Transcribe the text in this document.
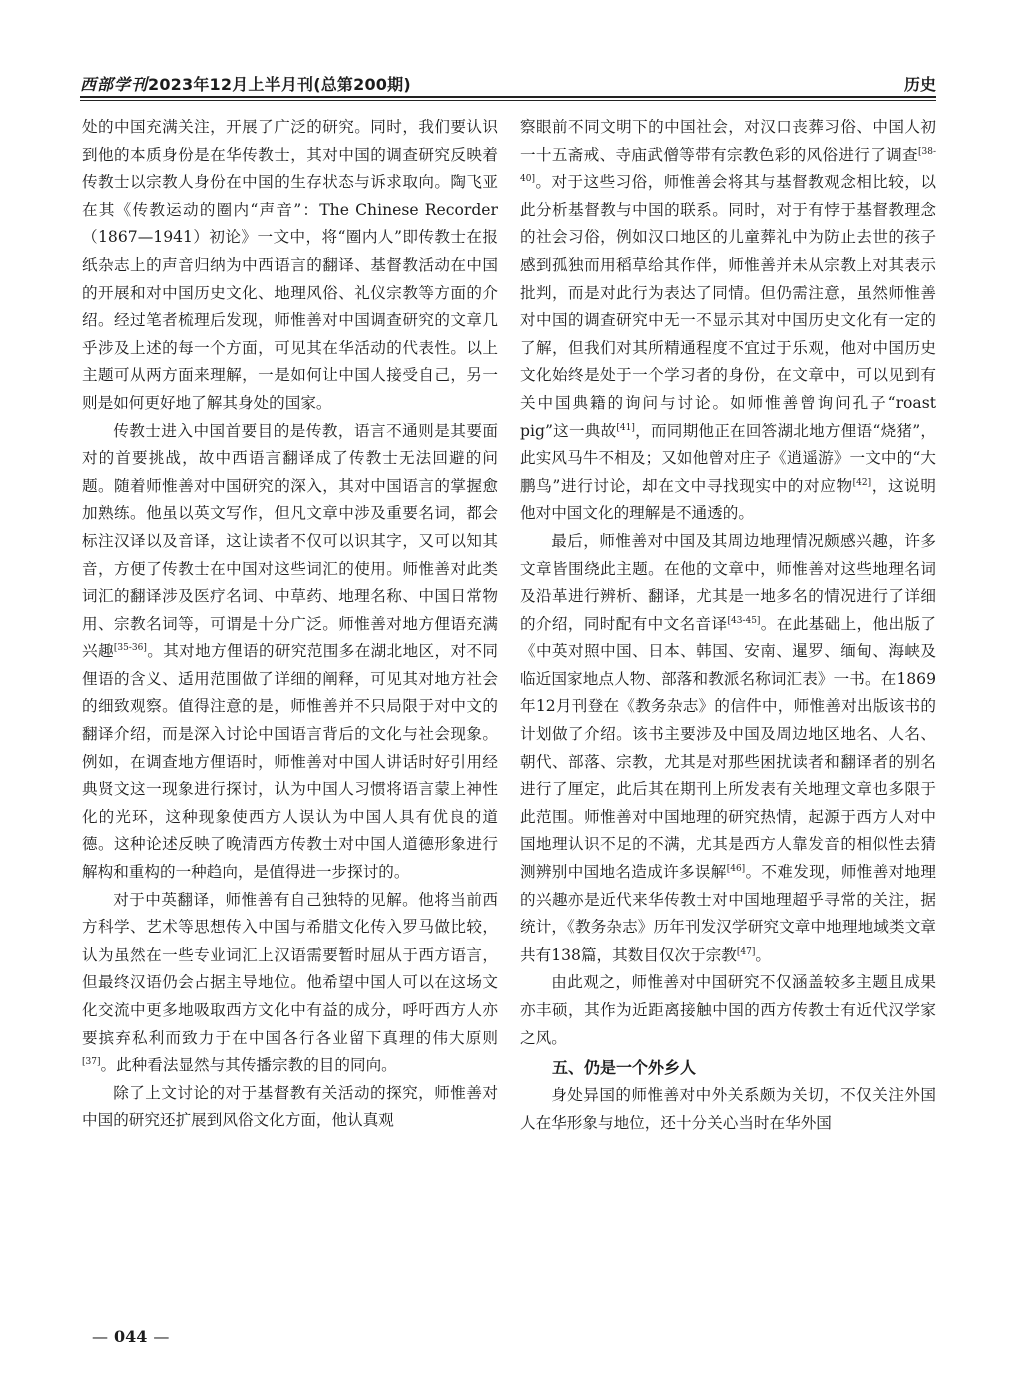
西部学刊2023年12月上半月刊(总第200期)	历史

处的中国充满关注，开展了广泛的研究。同时，我们要认识到他的本质身份是在华传教士，其对中国的调查研究反映着传教士以宗教人身份在中国的生存状态与诉求取向。陶飞亚在其《传教运动的圈内“声音”：The Chinese Recorder（1867—1941）初论》一文中，将“圈内人”即传教士在报纸杂志上的声音归纳为中西语言的翻译、基督教活动在中国的开展和对中国历史文化、地理风俗、礼仪宗教等方面的介绍。经过笔者梳理后发现，师惟善对中国调查研究的文章几乎涉及上述的每一个方面，可见其在华活动的代表性。以上主题可从两方面来理解，一是如何让中国人接受自己，另一则是如何更好地了解其身处的国家。

传教士进入中国首要目的是传教，语言不通则是其要面对的首要挑战，故中西语言翻译成了传教士无法回避的问题。随着师惟善对中国研究的深入，其对中国语言的掌握愈加熟练。他虽以英文写作，但凡文章中涉及重要名词，都会标注汉译以及音译，这让读者不仅可以识其字，又可以知其音，方便了传教士在中国对这些词汇的使用。师惟善对此类词汇的翻译涉及医疗名词、中草药、地理名称、中国日常物用、宗教名词等，可谓是十分广泛。师惟善对地方俚语充满兴趣[35-36]。其对地方俚语的研究范围多在湖北地区，对不同俚语的含义、适用范围做了详细的阐释，可见其对地方社会的细致观察。值得注意的是，师惟善并不只局限于对中文的翻译介绍，而是深入讨论中国语言背后的文化与社会现象。例如，在调查地方俚语时，师惟善对中国人讲话时好引用经典贤文这一现象进行探讨，认为中国人习惯将语言蒙上神性化的光环，这种现象使西方人误认为中国人具有优良的道德。这种论述反映了晚清西方传教士对中国人道德形象进行解构和重构的一种趋向，是值得进一步探讨的。

对于中英翻译，师惟善有自己独特的见解。他将当前西方科学、艺术等思想传入中国与希腊文化传入罗马做比较，认为虽然在一些专业词汇上汉语需要暂时屈从于西方语言，但最终汉语仍会占据主导地位。他希望中国人可以在这场文化交流中更多地吸取西方文化中有益的成分，呼吁西方人亦要摈弃私利而致力于在中国各行各业留下真理的伟大原则[37]。此种看法显然与其传播宗教的目的同向。

除了上文讨论的对于基督教有关活动的探究，师惟善对中国的研究还扩展到风俗文化方面，他认真观

察眼前不同文明下的中国社会，对汉口丧葬习俗、中国人初一十五斋戒、寺庙武僧等带有宗教色彩的风俗进行了调查[38-40]。对于这些习俗，师惟善会将其与基督教观念相比较，以此分析基督教与中国的联系。同时，对于有悖于基督教理念的社会习俗，例如汉口地区的儿童葬礼中为防止去世的孩子感到孤独而用稻草给其作伴，师惟善并未从宗教上对其表示批判，而是对此行为表达了同情。但仍需注意，虽然师惟善对中国的调查研究中无一不显示其对中国历史文化有一定的了解，但我们对其所精通程度不宜过于乐观，他对中国历史文化始终是处于一个学习者的身份，在文章中，可以见到有关中国典籍的询问与讨论。如师惟善曾询问孔子“roast pig”这一典故[41]，而同期他正在回答湖北地方俚语“烧猪”，此实风马牛不相及；又如他曾对庄子《逍遥游》一文中的“大鹏鸟”进行讨论，却在文中寻找现实中的对应物[42]，这说明他对中国文化的理解是不通透的。

最后，师惟善对中国及其周边地理情况颇感兴趣，许多文章皆围绕此主题。在他的文章中，师惟善对这些地理名词及沿革进行辨析、翻译，尤其是一地多名的情况进行了详细的介绍，同时配有中文名音译[43-45]。在此基础上，他出版了《中英对照中国、日本、韩国、安南、暹罗、缅甸、海峡及临近国家地点人物、部落和教派名称词汇表》一书。在1869年12月刊登在《教务杂志》的信件中，师惟善对出版该书的计划做了介绍。该书主要涉及中国及周边地区地名、人名、朝代、部落、宗教，尤其是对那些困扰读者和翻译者的别名进行了厘定，此后其在期刊上所发表有关地理文章也多限于此范围。师惟善对中国地理的研究热情，起源于西方人对中国地理认识不足的不满，尤其是西方人靠发音的相似性去猜测辨别中国地名造成许多误解[46]。不难发现，师惟善对地理的兴趣亦是近代来华传教士对中国地理超乎寻常的关注，据统计，《教务杂志》历年刊发汉学研究文章中地理地域类文章共有138篇，其数目仅次于宗教[47]。

由此观之，师惟善对中国研究不仅涵盖较多主题且成果亦丰硕，其作为近距离接触中国的西方传教士有近代汉学家之风。

五、仍是一个外乡人

身处异国的师惟善对中外关系颇为关切，不仅关注外国人在华形象与地位，还十分关心当时在华外国

— 044 —
